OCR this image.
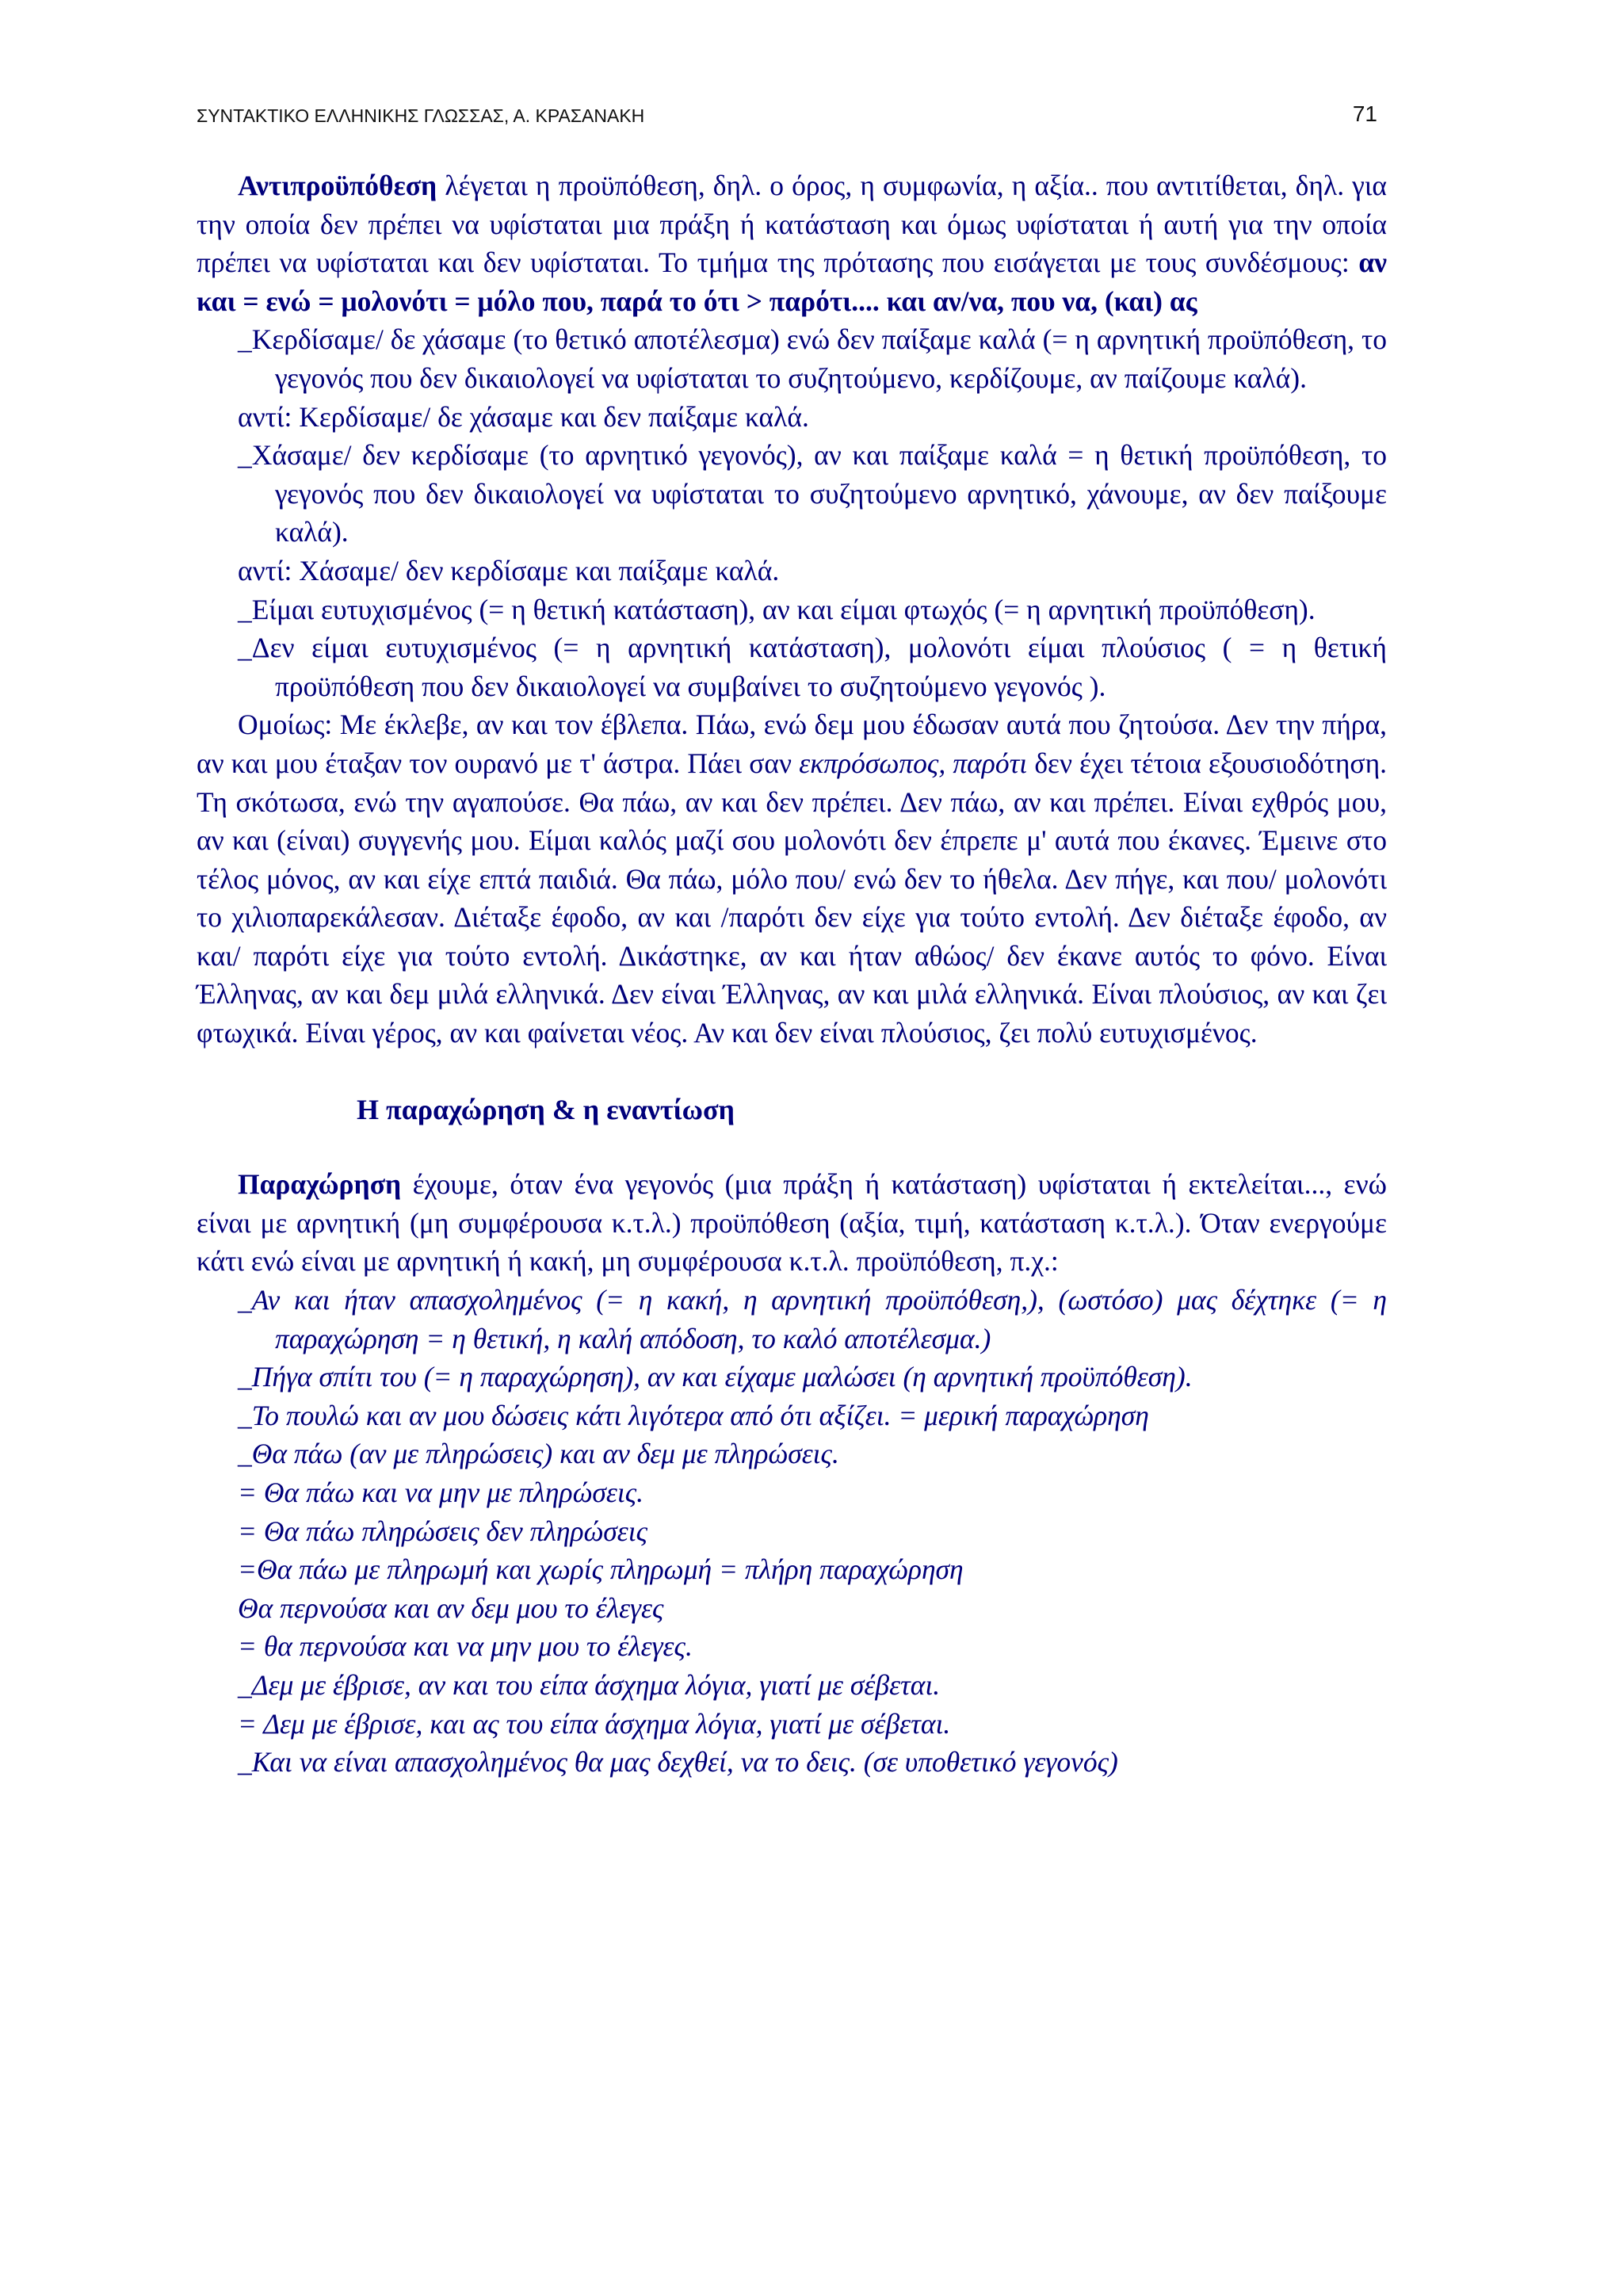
ΣΥΝΤΑΚΤΙΚΟ ΕΛΛΗΝΙΚΗΣ ΓΛΩΣΣΑΣ, Α. ΚΡΑΣΑΝΑΚΗ	71

Αντιπροϋπόθεση λέγεται η προϋπόθεση, δηλ. ο όρος, η συμφωνία, η αξία.. που αντιτίθεται, δηλ. για την οποία δεν πρέπει να υφίσταται μια πράξη ή κατάσταση και όμως υφίσταται ή αυτή για την οποία πρέπει να υφίσταται και δεν υφίσταται. Το τμήμα της πρότασης που εισάγεται με τους συνδέσμους: αν και = ενώ = μολονότι = μόλο που, παρά το ότι > παρότι.... και αν/να, που να, (και) ας

_Κερδίσαμε/ δε χάσαμε (το θετικό αποτέλεσμα) ενώ δεν παίξαμε καλά (= η αρνητική προϋπόθεση, το γεγονός που δεν δικαιολογεί να υφίσταται το συζητούμενο, κερδίζουμε, αν παίζουμε καλά).

αντί: Κερδίσαμε/ δε χάσαμε και δεν παίξαμε καλά.

_Χάσαμε/ δεν κερδίσαμε (το αρνητικό γεγονός), αν και παίξαμε καλά = η θετική προϋπόθεση, το γεγονός που δεν δικαιολογεί να υφίσταται το συζητούμενο αρνητικό, χάνουμε, αν δεν παίξουμε καλά).

αντί: Χάσαμε/ δεν κερδίσαμε και παίξαμε καλά.

_Είμαι ευτυχισμένος (= η θετική κατάσταση), αν και είμαι φτωχός (= η αρνητική προϋπόθεση).

_Δεν είμαι ευτυχισμένος (= η αρνητική κατάσταση), μολονότι είμαι πλούσιος ( = η θετική προϋπόθεση που δεν δικαιολογεί να συμβαίνει το συζητούμενο γεγονός ).

Ομοίως: Με έκλεβε, αν και τον έβλεπα. Πάω, ενώ δεμ μου έδωσαν αυτά που ζητούσα. Δεν την πήρα, αν και μου έταξαν τον ουρανό με τ' άστρα. Πάει σαν εκπρόσωπος, παρότι δεν έχει τέτοια εξουσιοδότηση. Τη σκότωσα, ενώ την αγαπούσε. Θα πάω, αν και δεν πρέπει. Δεν πάω, αν και πρέπει. Είναι εχθρός μου, αν και (είναι) συγγενής μου. Είμαι καλός μαζί σου μολονότι δεν έπρεπε μ' αυτά που έκανες. Έμεινε στο τέλος μόνος, αν και είχε επτά παιδιά. Θα πάω, μόλο που/ ενώ δεν το ήθελα. Δεν πήγε, και που/ μολονότι το χιλιοπαρεκάλεσαν. Διέταξε έφοδο, αν και /παρότι δεν είχε για τούτο εντολή. Δεν διέταξε έφοδο, αν και/ παρότι είχε για τούτο εντολή. Δικάστηκε, αν και ήταν αθώος/ δεν έκανε αυτός το φόνο. Είναι Έλληνας, αν και δεμ μιλά ελληνικά. Δεν είναι Έλληνας, αν και μιλά ελληνικά. Είναι πλούσιος, αν και ζει φτωχικά. Είναι γέρος, αν και φαίνεται νέος. Αν και δεν είναι πλούσιος, ζει πολύ ευτυχισμένος.

Η παραχώρηση & η εναντίωση

Παραχώρηση έχουμε, όταν ένα γεγονός (μια πράξη ή κατάσταση) υφίσταται ή εκτελείται..., ενώ είναι με αρνητική (μη συμφέρουσα κ.τ.λ.) προϋπόθεση (αξία, τιμή, κατάσταση κ.τ.λ.). Όταν ενεργούμε κάτι ενώ είναι με αρνητική ή κακή, μη συμφέρουσα κ.τ.λ. προϋπόθεση, π.χ.:

_Αν και ήταν απασχολημένος (= η κακή, η αρνητική προϋπόθεση,), (ωστόσο) μας δέχτηκε (= η παραχώρηση = η θετική, η καλή απόδοση, το καλό αποτέλεσμα.)

_Πήγα σπίτι του (= η παραχώρηση), αν και είχαμε μαλώσει (η αρνητική προϋπόθεση).

_Το πουλώ και αν μου δώσεις κάτι λιγότερα από ότι αξίζει. = μερική παραχώρηση

_Θα πάω (αν με πληρώσεις) και αν δεμ με πληρώσεις.

= Θα πάω και να μην με πληρώσεις.

= Θα πάω πληρώσεις δεν πληρώσεις

=Θα πάω με πληρωμή και χωρίς πληρωμή = πλήρη παραχώρηση

Θα περνούσα και αν δεμ μου το έλεγες

= θα περνούσα και να μην μου το έλεγες.

_Δεμ με έβρισε, αν και του είπα άσχημα λόγια, γιατί με σέβεται.

= Δεμ με έβρισε, και ας του είπα άσχημα λόγια, γιατί με σέβεται.

_Και να είναι απασχολημένος θα μας δεχθεί, να το δεις. (σε υποθετικό γεγονός)
